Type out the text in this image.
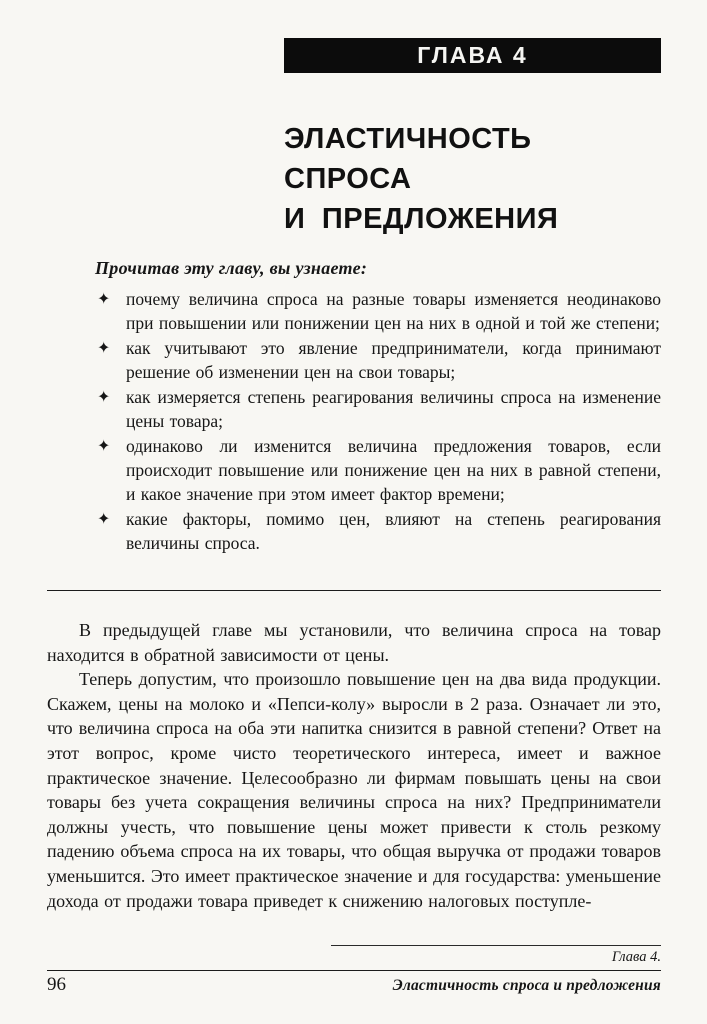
ГЛАВА 4
ЭЛАСТИЧНОСТЬ СПРОСА
И ПРЕДЛОЖЕНИЯ

Прочитав эту главу, вы узнаете:

✦ почему величина спроса на разные товары изменяется неодинаково при повышении или понижении цен на них в одной и той же степени;
✦ как учитывают это явление предприниматели, когда принимают решение об изменении цен на свои товары;
✦ как измеряется степень реагирования величины спроса на изменение цены товара;
✦ одинаково ли изменится величина предложения товаров, если происходит повышение или понижение цен на них в равной степени, и какое значение при этом имеет фактор времени;
✦ какие факторы, помимо цен, влияют на степень реагирования величины спроса.

В предыдущей главе мы установили, что величина спроса на товар находится в обратной зависимости от цены.

Теперь допустим, что произошло повышение цен на два вида продукции. Скажем, цены на молоко и «Пепси-колу» выросли в 2 раза. Означает ли это, что величина спроса на оба эти напитка снизится в равной степени? Ответ на этот вопрос, кроме чисто теоретического интереса, имеет и важное практическое значение. Целесообразно ли фирмам повышать цены на свои товары без учета сокращения величины спроса на них? Предприниматели должны учесть, что повышение цены может привести к столь резкому падению объема спроса на их товары, что общая выручка от продажи товаров уменьшится. Это имеет практическое значение и для государства: уменьшение дохода от продажи товара приведет к снижению налоговых поступле-

Глава 4.
96	Эластичность спроса и предложения
